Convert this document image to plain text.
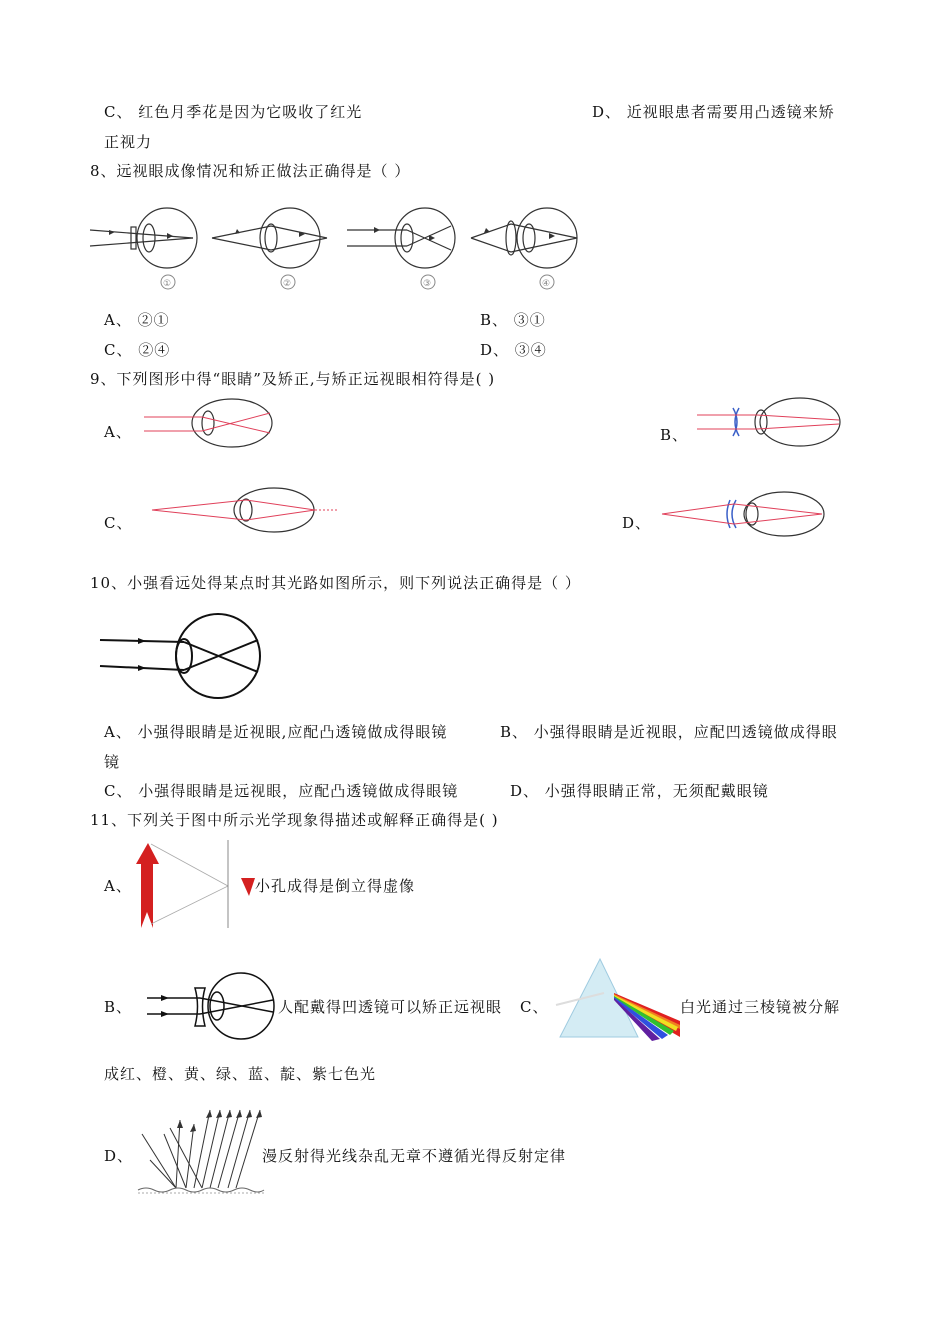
C、 红色月季花是因为它吸收了红光	D、 近视眼患者需要用凸透镜来矫
正视力
8、远视眼成像情况和矫正做法正确得是（ ）
①	②	③	④
A、 ②①	B、 ③①
C、 ②④	D、 ③④
9、下列图形中得“眼睛”及矫正,与矫正远视眼相符得是( )
A、	B、
C、	D、
10、小强看远处得某点时其光路如图所示，则下列说法正确得是（ ）
A、 小强得眼睛是近视眼,应配凸透镜做成得眼镜	B、 小强得眼睛是近视眼，应配凹透镜做成得眼
镜
C、 小强得眼睛是远视眼，应配凸透镜做成得眼镜	D、 小强得眼睛正常，无须配戴眼镜
11、下列关于图中所示光学现象得描述或解释正确得是( )
A、	小孔成得是倒立得虚像
B、	人配戴得凹透镜可以矫正远视眼 C、	白光通过三棱镜被分解
成红、橙、黄、绿、蓝、靛、紫七色光
D、	漫反射得光线杂乱无章不遵循光得反射定律
